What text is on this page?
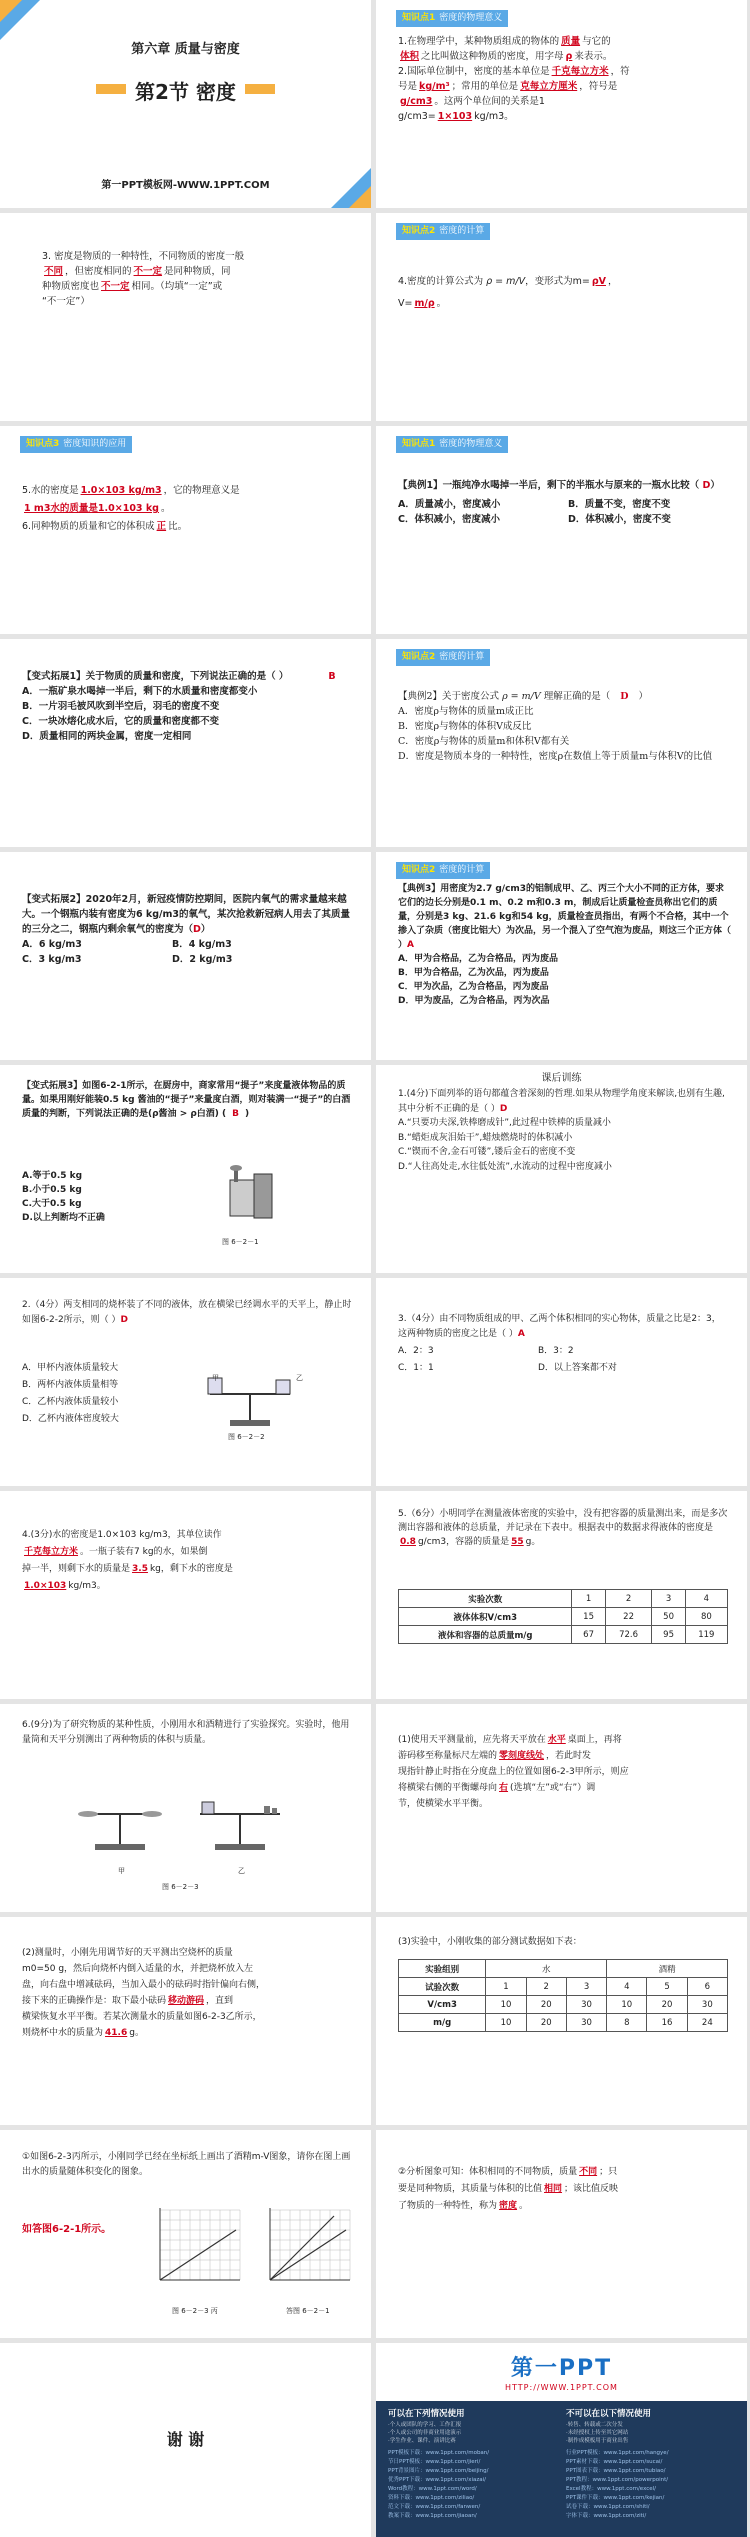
第六章 质量与密度
第2节 密度
第一PPT模板网-WWW.1PPT.COM
知识点1 密度的物理意义
1.在物理学中，某种物质组成的物体的 质量 与它的
体积 之比叫做这种物质的密度，用字母 ρ 来表示。
2.国际单位制中，密度的基本单位是 千克每立方米 ，符
号是 kg/m³ ；常用的单位是 克每立方厘米 ，符号是
g/cm3 。这两个单位间的关系是1
g/cm3= 1×103 kg/m3。
3. 密度是物质的一种特性，不同物质的密度一般
不同 ，但密度相同的 不一定 是同种物质，同
种物质密度也 不一定 相同。（均填“一定”或
“不一定”）
知识点2 密度的计算
4.密度的计算公式为 ρ = m/V，变形式为m= ρV ，
V= m/ρ 。
知识点3 密度知识的应用
5.水的密度是 1.0×103 kg/m3 ，它的物理意义是
1 m3水的质量是1.0×103 kg 。
6.同种物质的质量和它的体积成 正 比。
知识点1 密度的物理意义
【典例1】一瓶纯净水喝掉一半后，剩下的半瓶水与原来的一瓶水比较（ D）
A．质量减小，密度减小	B．质量不变，密度不变
C．体积减小，密度减小	D．体积减小，密度不变
【变式拓展1】关于物质的质量和密度，下列说法正确的是（ ）	B
A．一瓶矿泉水喝掉一半后，剩下的水质量和密度都变小
B．一片羽毛被风吹到半空后，羽毛的密度不变
C．一块冰熔化成水后，它的质量和密度都不变
D．质量相同的两块金属，密度一定相同
知识点2 密度的计算
【典例2】关于密度公式 ρ = m/V 理解正确的是（ D ）
A．密度ρ与物体的质量m成正比
B．密度ρ与物体的体积V成反比
C．密度ρ与物体的质量m和体积V都有关
D．密度是物质本身的一种特性，密度ρ在数值上等于质量m与体积V的比值
【变式拓展2】2020年2月，新冠疫情防控期间，医院内氧气的需求量越来越大。一个钢瓶内装有密度为6 kg/m3的氧气，某次抢救新冠病人用去了其质量的三分之二，钢瓶内剩余氧气的密度为（D）
A．6 kg/m3	B．4 kg/m3
C．3 kg/m3	D．2 kg/m3
知识点2 密度的计算
【典例3】用密度为2.7 g/cm3的铝制成甲、乙、丙三个大小不同的正方体，要求它们的边长分别是0.1 m、0.2 m和0.3 m，制成后让质量检查员称出它们的质量，分别是3 kg、21.6 kg和54 kg，质量检查员指出，有两个不合格，其中一个掺入了杂质（密度比铝大）为次品，另一个混入了空气泡为废品，则这三个正方体（ ）A
A．甲为合格品，乙为合格品，丙为废品
B．甲为合格品，乙为次品，丙为废品
C．甲为次品，乙为合格品，丙为废品
D．甲为废品，乙为合格品，丙为次品
【变式拓展3】如图6-2-1所示，在厨房中，商家常用“提子”来度量液体物品的质量。如果用刚好能装0.5 kg 酱油的“提子”来量度白酒，则对装满一“提子”的白酒质量的判断，下列说法正确的是(ρ酱油 > ρ白酒) ( B )
A.等于0.5 kg
B.小于0.5 kg
C.大于0.5 kg
D.以上判断均不正确
图 6－2－1
课后训练
1.(4分)下面列举的语句都蕴含着深刻的哲理.如果从物理学角度来解读,也别有生趣,其中分析不正确的是（ ）D
A.“只要功夫深,铁棒磨成针”,此过程中铁棒的质量减小
B.“蜡炬成灰泪始干”,蜡烛燃烧时的体积减小
C.“锲而不舍,金石可镂”,镂后金石的密度不变
D.“人往高处走,水往低处流”,水流动的过程中密度减小
2.（4分）两支相同的烧杯装了不同的液体，放在横梁已经调水平的天平上，静止时如图6-2-2所示，则（ ）D
A．甲杯内液体质量较大
B．两杯内液体质量相等
C．乙杯内液体质量较小
D．乙杯内液体密度较大
甲	乙
图 6－2－2
3.（4分）由不同物质组成的甲、乙两个体积相同的实心物体，质量之比是2：3，这两种物质的密度之比是（ ）A
A．2：3	B．3：2
C．1：1	D．以上答案都不对
4.(3分)水的密度是1.0×103 kg/m3，其单位读作
千克每立方米 。一瓶子装有7 kg的水，如果倒
掉一半，则剩下水的质量是 3.5 kg，剩下水的密度是
1.0×103 kg/m3。
5.（6分）小明同学在测量液体密度的实验中，没有把容器的质量测出来，而是多次测出容器和液体的总质量，并记录在下表中。根据表中的数据求得液体的密度是0.8 g/cm3，容器的质量是 55 g。
实验次数	1	2	3	4
液体体积V/cm3	15	22	50	80
液体和容器的总质量m/g	67	72.6	95	119
6.(9分)为了研究物质的某种性质，小刚用水和酒精进行了实验探究。实验时，他用量筒和天平分别测出了两种物质的体积与质量。
甲	乙
图 6－2－3
(1)使用天平测量前，应先将天平放在 水平 桌面上，再将
游码移至称量标尺左端的 零刻度线处 ，若此时发
现指针静止时指在分度盘上的位置如图6-2-3甲所示，则应
将横梁右侧的平衡螺母向 右 (选填“左”或“右”）调
节，使横梁水平平衡。
(2)测量时，小刚先用调节好的天平测出空烧杯的质量
m0=50 g，然后向烧杯内倒入适量的水，并把烧杯放入左
盘，向右盘中增减砝码，当加入最小的砝码时指针偏向右侧，
接下来的正确操作是：取下最小砝码 移动游码 ，直到
横梁恢复水平平衡。若某次测量水的质量如图6-2-3乙所示，
则烧杯中水的质量为 41.6 g。
(3)实验中，小刚收集的部分测试数据如下表：
实验组别	水			酒精		
试验次数	1	2	3	4	5	6
V/cm3	10	20	30	10	20	30
m/g	10	20	30	8	16	24
①如图6-2-3丙所示，小刚同学已经在坐标纸上画出了酒精m-V图象，请你在图上画出水的质量随体积变化的图象。
如答图6-2-1所示。
图 6－2－3 丙	答图 6－2－1
②分析图象可知：体积相同的不同物质，质量 不同 ；只
要是同种物质，其质量与体积的比值 相同 ；该比值反映
了物质的一种特性，称为 密度 。
谢 谢
第一PPT
HTTP://WWW.1PPT.COM
可以在下列情况使用	不可以在以下情况使用
·个人或团队的学习、工作汇报
·个人或公司的非商业用途演示
·学生作业、课件、演讲比赛
·转售、转载或二次分发
·未经授权上传至其它网站
·制作成模板用于商业出售
PPT模板下载：www.1ppt.com/moban/
节日PPT模板：www.1ppt.com/jieri/
PPT背景图片：www.1ppt.com/beijing/
优秀PPT下载：www.1ppt.com/xiazai/
Word教程：www.1ppt.com/word/
资料下载：www.1ppt.com/ziliao/
范文下载：www.1ppt.com/fanwen/
教案下载：www.1ppt.com/jiaoan/
行业PPT模板：www.1ppt.com/hangye/
PPT素材下载：www.1ppt.com/sucai/
PPT图表下载：www.1ppt.com/tubiao/
PPT教程：www.1ppt.com/powerpoint/
Excel教程：www.1ppt.com/excel/
PPT课件下载：www.1ppt.com/kejian/
试卷下载：www.1ppt.com/shiti/
字体下载：www.1ppt.com/ziti/
